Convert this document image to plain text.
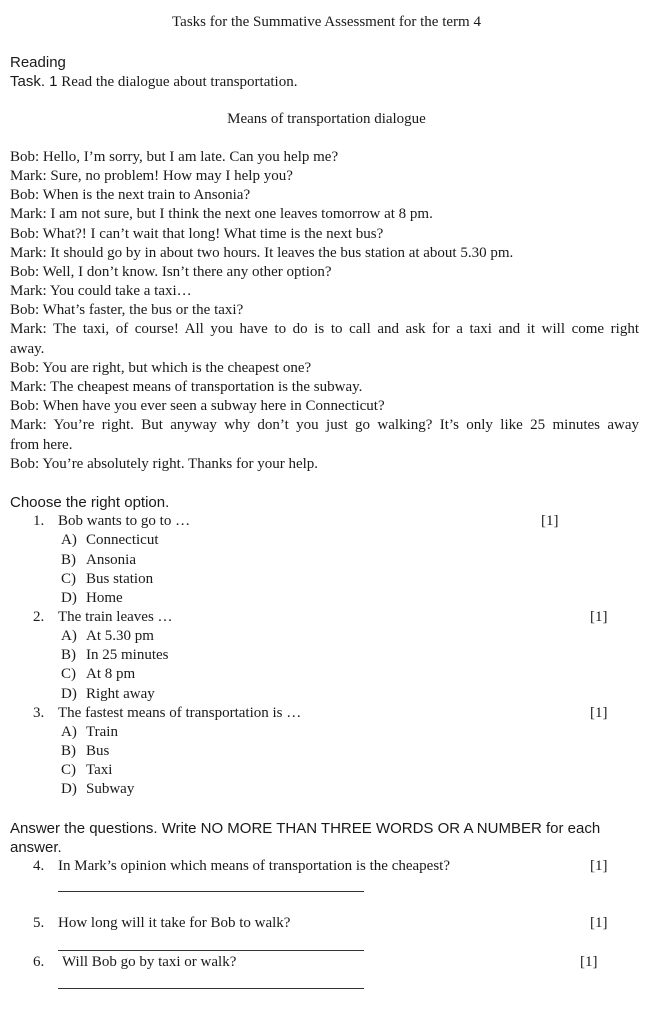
Tasks for the Summative Assessment for the term 4
Reading
Task. 1 Read the dialogue about transportation.
Means of transportation dialogue
Bob: Hello, I’m sorry, but I am late. Can you help me?
Mark: Sure, no problem! How may I help you?
Bob: When is the next train to Ansonia?
Mark: I am not sure, but I think the next one leaves tomorrow at 8 pm.
Bob: What?! I can’t wait that long! What time is the next bus?
Mark: It should go by in about two hours. It leaves the bus station at about 5.30 pm.
Bob: Well, I don’t know. Isn’t there any other option?
Mark: You could take a taxi…
Bob: What’s faster, the bus or the taxi?
Mark: The taxi, of course! All you have to do is to call and ask for a taxi and it will come right
away.
Bob: You are right, but which is the cheapest one?
Mark: The cheapest means of transportation is the subway.
Bob: When have you ever seen a subway here in Connecticut?
Mark: You’re right. But anyway why don’t you just go walking? It’s only like 25 minutes away
from here.
Bob: You’re absolutely right. Thanks for your help.
Choose the right option.
1. Bob wants to go to …	[1]
A) Connecticut
B) Ansonia
C) Bus station
D) Home
2. The train leaves …	[1]
A) At 5.30 pm
B) In 25 minutes
C) At 8 pm
D) Right away
3. The fastest means of transportation is …	[1]
A) Train
B) Bus
C) Taxi
D) Subway
Answer the questions. Write NO MORE THAN THREE WORDS OR A NUMBER for each
answer.
4. In Mark’s opinion which means of transportation is the cheapest?	[1]
5. How long will it take for Bob to walk?	[1]
6. Will Bob go by taxi or walk?	[1]
